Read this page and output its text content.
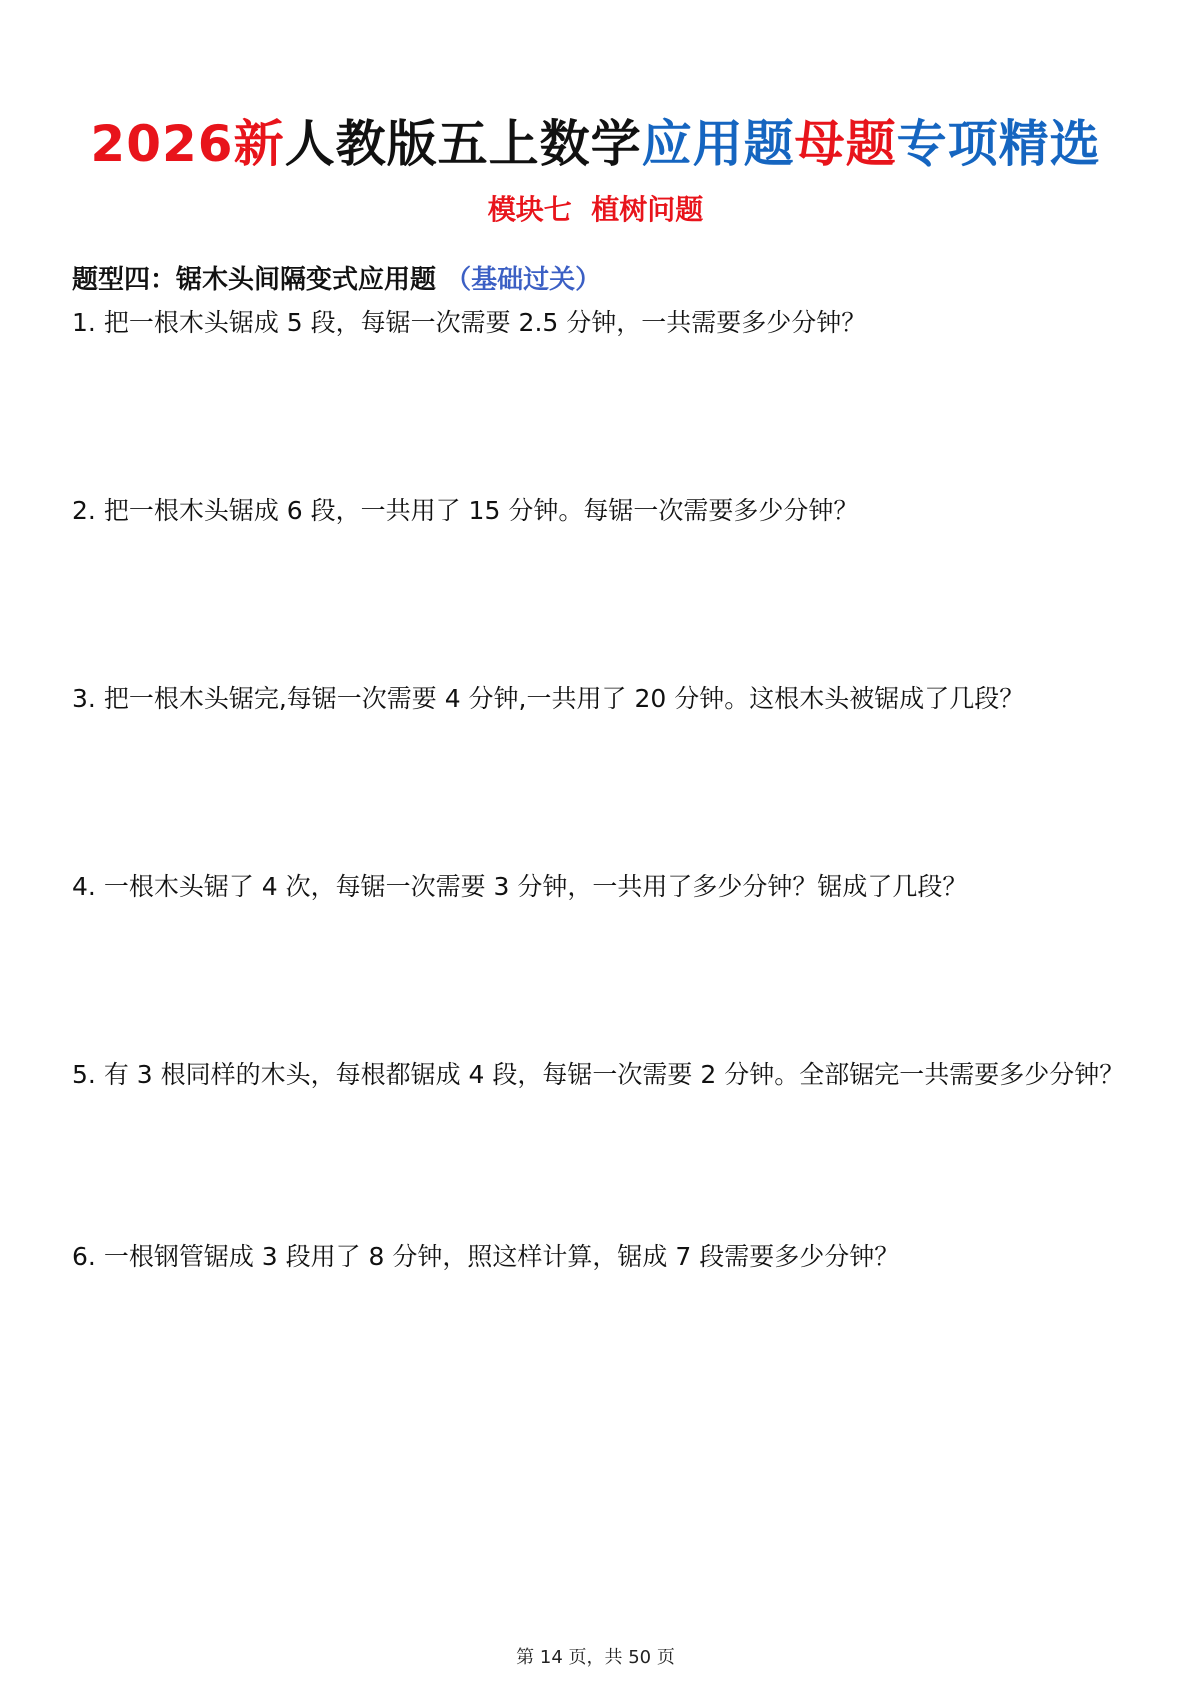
2026新人教版五上数学应用题母题专项精选
模块七  植树问题
题型四：锯木头间隔变式应用题 （基础过关）
1. 把一根木头锯成 5 段，每锯一次需要 2.5 分钟，一共需要多少分钟？
2. 把一根木头锯成 6 段，一共用了 15 分钟。每锯一次需要多少分钟？
3. 把一根木头锯完,每锯一次需要 4 分钟,一共用了 20 分钟。这根木头被锯成了几段？
4. 一根木头锯了 4 次，每锯一次需要 3 分钟，一共用了多少分钟？锯成了几段？
5. 有 3 根同样的木头，每根都锯成 4 段，每锯一次需要 2 分钟。全部锯完一共需要多少分钟？
6. 一根钢管锯成 3 段用了 8 分钟，照这样计算，锯成 7 段需要多少分钟？
第 14 页，共 50 页
